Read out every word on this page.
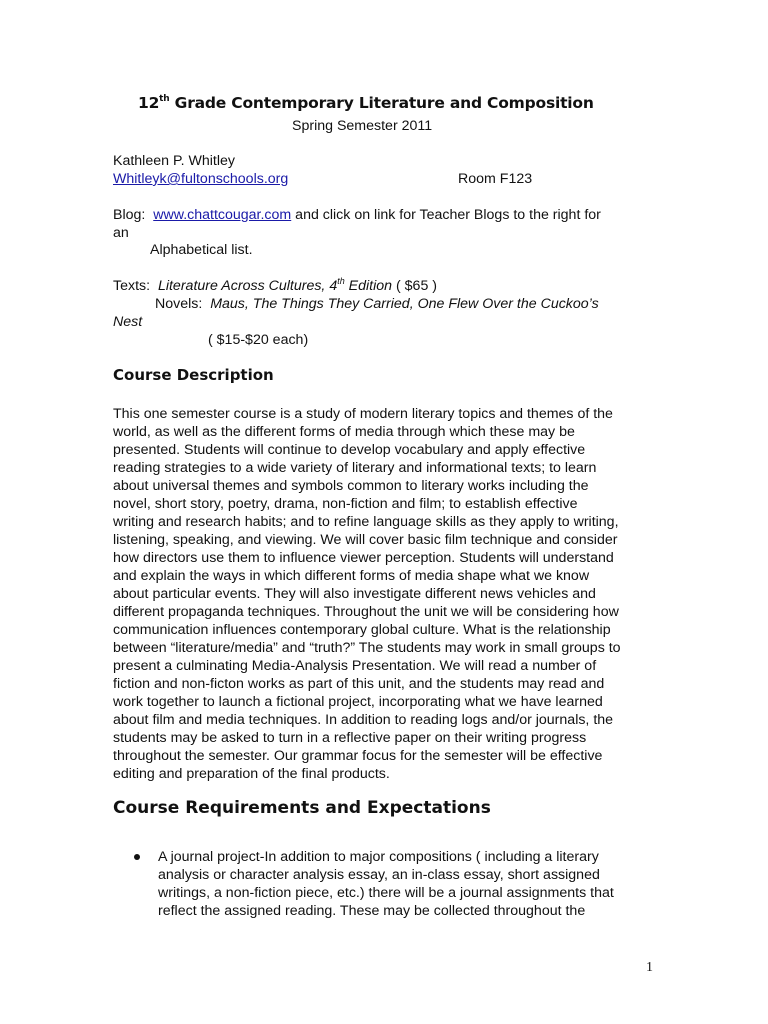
12th Grade Contemporary Literature and Composition
Spring Semester 2011
Kathleen P. Whitley
Whitleyk@fultonschools.org	Room F123
Blog: www.chattcougar.com and click on link for Teacher Blogs to the right for
an
Alphabetical list.
Texts: Literature Across Cultures, 4th Edition ( $65 )
Novels: Maus, The Things They Carried, One Flew Over the Cuckoo’s
Nest
( $15-$20 each)
Course Description

This one semester course is a study of modern literary topics and themes of the

world, as well as the different forms of media through which these may be

presented. Students will continue to develop vocabulary and apply effective

reading strategies to a wide variety of literary and informational texts; to learn

about universal themes and symbols common to literary works including the

novel, short story, poetry, drama, non-fiction and film; to establish effective

writing and research habits; and to refine language skills as they apply to writing,

listening, speaking, and viewing. We will cover basic film technique and consider

how directors use them to influence viewer perception. Students will understand

and explain the ways in which different forms of media shape what we know

about particular events. They will also investigate different news vehicles and

different propaganda techniques. Throughout the unit we will be considering how

communication influences contemporary global culture. What is the relationship

between “literature/media” and “truth?” The students may work in small groups to

present a culminating Media-Analysis Presentation. We will read a number of

fiction and non-ficton works as part of this unit, and the students may read and

work together to launch a fictional project, incorporating what we have learned

about film and media techniques. In addition to reading logs and/or journals, the

students may be asked to turn in a reflective paper on their writing progress

throughout the semester. Our grammar focus for the semester will be effective

editing and preparation of the final products.

Course Requirements and Expectations
A journal project-In addition to major compositions ( including a literary
analysis or character analysis essay, an in-class essay, short assigned
writings, a non-fiction piece, etc.) there will be a journal assignments that
reflect the assigned reading. These may be collected throughout the
1
